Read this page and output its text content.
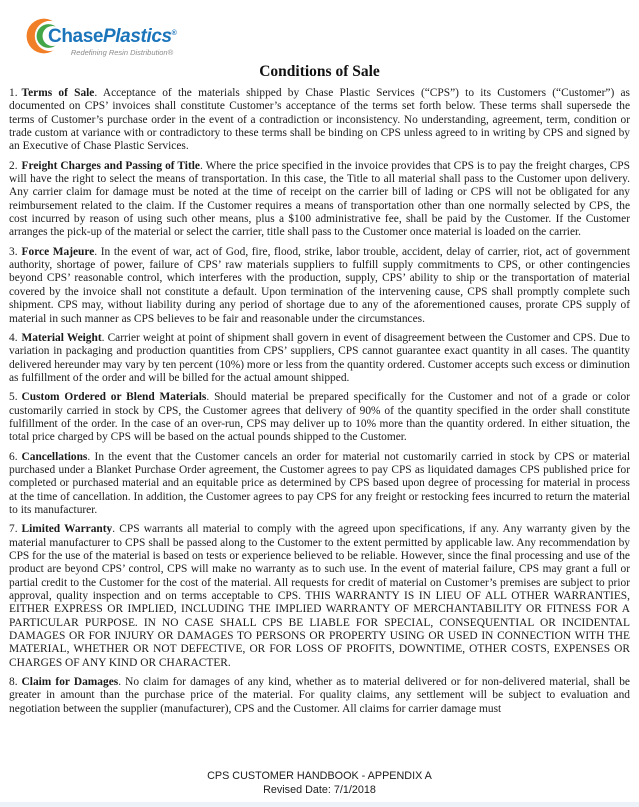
ChasePlastics®
Redefining Resin Distribution®
Conditions of Sale

1. Terms of Sale. Acceptance of the materials shipped by Chase Plastic Services (“CPS”) to its Customers (“Customer”) as documented on CPS’ invoices shall constitute Customer’s acceptance of the terms set forth below. These terms shall supersede the terms of Customer’s purchase order in the event of a contradiction or inconsistency. No understanding, agreement, term, condition or trade custom at variance with or contradictory to these terms shall be binding on CPS unless agreed to in writing by CPS and signed by an Executive of Chase Plastic Services.

2. Freight Charges and Passing of Title. Where the price specified in the invoice provides that CPS is to pay the freight charges, CPS will have the right to select the means of transportation. In this case, the Title to all material shall pass to the Customer upon delivery. Any carrier claim for damage must be noted at the time of receipt on the carrier bill of lading or CPS will not be obligated for any reimbursement related to the claim. If the Customer requires a means of transportation other than one normally selected by CPS, the cost incurred by reason of using such other means, plus a $100 administrative fee, shall be paid by the Customer. If the Customer arranges the pick-up of the material or select the carrier, title shall pass to the Customer once material is loaded on the carrier.

3. Force Majeure. In the event of war, act of God, fire, flood, strike, labor trouble, accident, delay of carrier, riot, act of government authority, shortage of power, failure of CPS’ raw materials suppliers to fulfill supply commitments to CPS, or other contingencies beyond CPS’ reasonable control, which interferes with the production, supply, CPS’ ability to ship or the transportation of material covered by the invoice shall not constitute a default. Upon termination of the intervening cause, CPS shall promptly complete such shipment. CPS may, without liability during any period of shortage due to any of the aforementioned causes, prorate CPS supply of material in such manner as CPS believes to be fair and reasonable under the circumstances.

4. Material Weight. Carrier weight at point of shipment shall govern in event of disagreement between the Customer and CPS. Due to variation in packaging and production quantities from CPS’ suppliers, CPS cannot guarantee exact quantity in all cases. The quantity delivered hereunder may vary by ten percent (10%) more or less from the quantity ordered. Customer accepts such excess or diminution as fulfillment of the order and will be billed for the actual amount shipped.

5. Custom Ordered or Blend Materials. Should material be prepared specifically for the Customer and not of a grade or color customarily carried in stock by CPS, the Customer agrees that delivery of 90% of the quantity specified in the order shall constitute fulfillment of the order. In the case of an over-run, CPS may deliver up to 10% more than the quantity ordered. In either situation, the total price charged by CPS will be based on the actual pounds shipped to the Customer.

6. Cancellations. In the event that the Customer cancels an order for material not customarily carried in stock by CPS or material purchased under a Blanket Purchase Order agreement, the Customer agrees to pay CPS as liquidated damages CPS published price for completed or purchased material and an equitable price as determined by CPS based upon degree of processing for material in process at the time of cancellation. In addition, the Customer agrees to pay CPS for any freight or restocking fees incurred to return the material to its manufacturer.

7. Limited Warranty. CPS warrants all material to comply with the agreed upon specifications, if any. Any warranty given by the material manufacturer to CPS shall be passed along to the Customer to the extent permitted by applicable law. Any recommendation by CPS for the use of the material is based on tests or experience believed to be reliable. However, since the final processing and use of the product are beyond CPS’ control, CPS will make no warranty as to such use. In the event of material failure, CPS may grant a full or partial credit to the Customer for the cost of the material. All requests for credit of material on Customer’s premises are subject to prior approval, quality inspection and on terms acceptable to CPS. THIS WARRANTY IS IN LIEU OF ALL OTHER WARRANTIES, EITHER EXPRESS OR IMPLIED, INCLUDING THE IMPLIED WARRANTY OF MERCHANTABILITY OR FITNESS FOR A PARTICULAR PURPOSE. IN NO CASE SHALL CPS BE LIABLE FOR SPECIAL, CONSEQUENTIAL OR INCIDENTAL DAMAGES OR FOR INJURY OR DAMAGES TO PERSONS OR PROPERTY USING OR USED IN CONNECTION WITH THE MATERIAL, WHETHER OR NOT DEFECTIVE, OR FOR LOSS OF PROFITS, DOWNTIME, OTHER COSTS, EXPENSES OR CHARGES OF ANY KIND OR CHARACTER.

8. Claim for Damages. No claim for damages of any kind, whether as to material delivered or for non-delivered material, shall be greater in amount than the purchase price of the material. For quality claims, any settlement will be subject to evaluation and negotiation between the supplier (manufacturer), CPS and the Customer. All claims for carrier damage must

CPS CUSTOMER HANDBOOK - APPENDIX A
Revised Date: 7/1/2018
